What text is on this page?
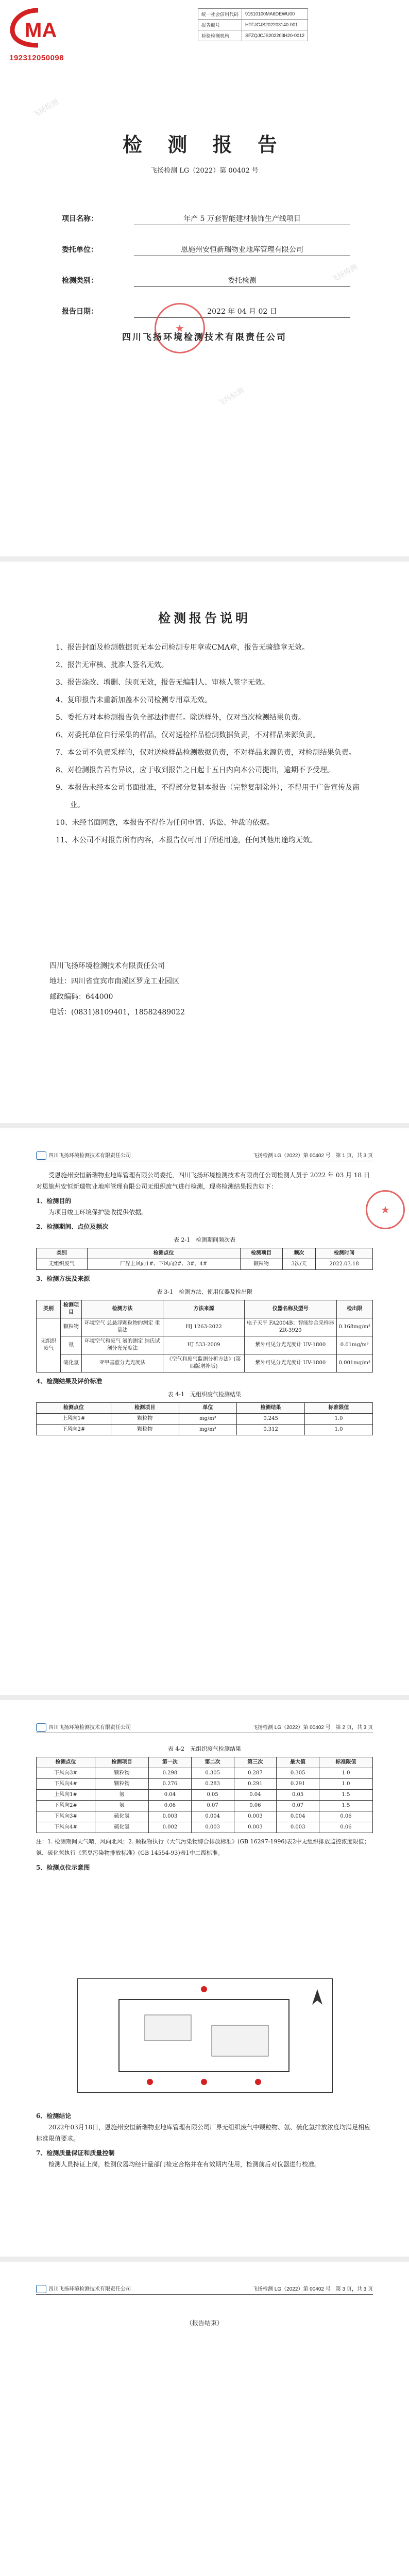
MA
192312050098
统一社会信用代码	91510100MA6DEWU00
报告编号	HTFJCJS202203140-001
检验检测机构	SFZQJCJS202203H20-0012
飞扬检测
飞扬检测
飞扬检测
检 测 报 告
飞扬检测 LG（2022）第 00402 号
项目名称：	年产 5 万套智能建材装饰生产线项目
委托单位：	恩施州安恒新瑞物业地库管理有限公司
检测类别：	委托检测
报告日期：	2022 年 04 月 02 日
★
四川飞扬环境检测技术有限责任公司
检测报告说明
1、报告封面及检测数据页无本公司检测专用章或CMA章，报告无骑缝章无效。
2、报告无审核、批准人签名无效。
3、报告涂改、增删、缺页无效，报告无编制人、审核人签字无效。
4、复印报告未重新加盖本公司检测专用章无效。
5、委托方对本检测报告负全部法律责任。除送样外，仅对当次检测结果负责。
6、对委托单位自行采集的样品，仅对送检样品检测数据负责，不对样品来源负责。
7、本公司不负责采样的，仅对送检样品检测数据负责，不对样品来源负责，对检测结果负责。
8、对检测报告若有异议，应于收到报告之日起十五日内向本公司提出，逾期不予受理。
9、本报告未经本公司书面批准，不得部分复制本报告（完整复制除外），不得用于广告宣传及商业。
10、未经书面同意，本报告不得作为任何申请、诉讼、仲裁的依据。
11、本公司不对报告所有内容，本报告仅可用于所述用途，任何其他用途均无效。
四川飞扬环境检测技术有限责任公司
地址：四川省宜宾市南溪区罗龙工业园区
邮政编码：644000
电话：(0831)8109401，18582489022
四川飞扬环境检测技术有限责任公司	飞扬检测 LG（2022）第 00402 号　第 1 页，共 3 页
受恩施州安恒新瑞物业地库管理有限公司委托，四川飞扬环境检测技术有限责任公司检测人员于 2022 年 03 月 18 日对恩施州安恒新瑞物业地库管理有限公司无组织废气进行检测，现将检测结果报告如下：
1、检测目的
为项目竣工环境保护验收提供依据。
2、检测期间、点位及频次
表 2-1　检测期间频次表
类别	检测点位	检测项目	频次	检测时间
无组织废气	厂界上风向1#、下风向2#、3#、4#	颗粒物	3次/天	2022.03.18
3、检测方法及来源
表 3-1　检测方法、使用仪器及检出限
类别	检测项目	检测方法	方法来源	仪器名称及型号	检出限
无组织废气	颗粒物	环境空气 总悬浮颗粒物的测定 重量法	HJ 1263-2022	电子天平 FA2004B；智能综合采样器 ZR-3920	0.168mg/m³
	氨	环境空气和废气 氨的测定 纳氏试剂分光光度法	HJ 533-2009	紫外可见分光光度计 UV-1800	0.01mg/m³
	硫化氢	亚甲基蓝分光光度法	《空气和废气监测分析方法》(第四版增补版)	紫外可见分光光度计 UV-1800	0.001mg/m³
4、检测结果及评价标准
表 4-1　无组织废气检测结果
检测点位	检测项目	单位	检测结果	标准限值
上风向1#	颗粒物	mg/m³	0.245	1.0
下风向2#	颗粒物	mg/m³	0.312	1.0
★
四川飞扬环境检测技术有限责任公司	飞扬检测 LG（2022）第 00402 号　第 2 页，共 3 页
表 4-2　无组织废气检测结果
检测点位	检测项目	第一次	第二次	第三次	最大值	标准限值
下风向3#	颗粒物	0.298	0.305	0.287	0.305	1.0
下风向4#	颗粒物	0.276	0.283	0.291	0.291	1.0
上风向1#	氨	0.04	0.05	0.04	0.05	1.5
下风向2#	氨	0.06	0.07	0.06	0.07	1.5
下风向3#	硫化氢	0.003	0.004	0.003	0.004	0.06
下风向4#	硫化氢	0.002	0.003	0.003	0.003	0.06
注：1. 检测期间天气晴，风向北风；2. 颗粒物执行《大气污染物综合排放标准》(GB 16297-1996)表2中无组织排放监控浓度限值；氨、硫化氢执行《恶臭污染物排放标准》(GB 14554-93)表1中二级标准。
5、检测点位示意图
6、检测结论
2022年03月18日，恩施州安恒新瑞物业地库管理有限公司厂界无组织废气中颗粒物、氨、硫化氢排放浓度均满足相应标准限值要求。
7、检测质量保证和质量控制
检测人员持证上岗，检测仪器均经计量部门检定合格并在有效期内使用，检测前后对仪器进行校准。
四川飞扬环境检测技术有限责任公司	飞扬检测 LG（2022）第 00402 号　第 3 页，共 3 页
（报告结束）
